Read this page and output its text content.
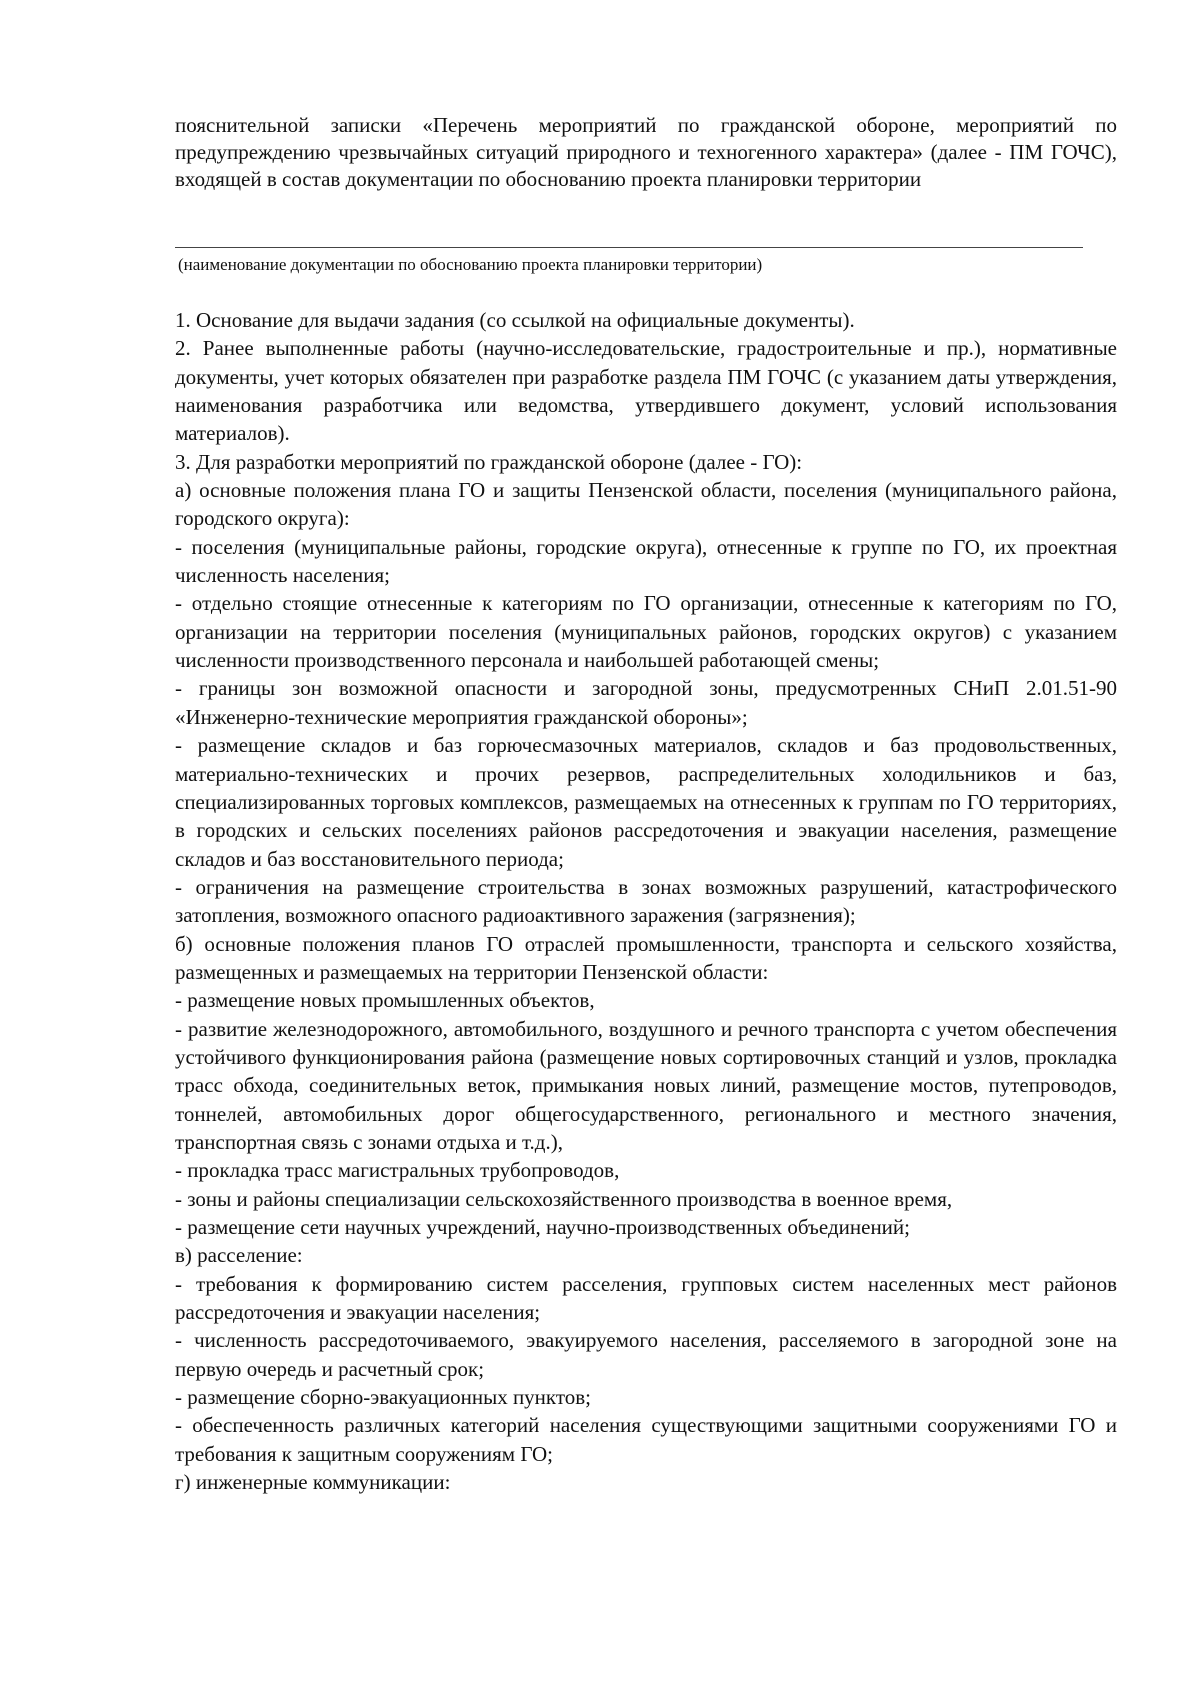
пояснительной записки «Перечень мероприятий по гражданской обороне, мероприятий по предупреждению чрезвычайных ситуаций природного и техногенного характера» (далее - ПМ ГОЧС), входящей в состав документации по обоснованию проекта планировки территории

(наименование документации по обоснованию проекта планировки территории)

1. Основание для выдачи задания (со ссылкой на официальные документы).

2. Ранее выполненные работы (научно-исследовательские, градостроительные и пр.), нормативные документы, учет которых обязателен при разработке раздела ПМ ГОЧС (с указанием даты утверждения, наименования разработчика или ведомства, утвердившего документ, условий использования материалов).

3. Для разработки мероприятий по гражданской обороне (далее - ГО):

а) основные положения плана ГО и защиты Пензенской области, поселения (муниципального района, городского округа):

- поселения (муниципальные районы, городские округа), отнесенные к группе по ГО, их проектная численность населения;

- отдельно стоящие отнесенные к категориям по ГО организации, отнесенные к категориям по ГО, организации на территории поселения (муниципальных районов, городских округов) с указанием численности производственного персонала и наибольшей работающей смены;

- границы зон возможной опасности и загородной зоны, предусмотренных СНиП 2.01.51-90 «Инженерно-технические мероприятия гражданской обороны»;

- размещение складов и баз горючесмазочных материалов, складов и баз продовольственных, материально-технических и прочих резервов, распределительных холодильников и баз, специализированных торговых комплексов, размещаемых на отнесенных к группам по ГО территориях, в городских и сельских поселениях районов рассредоточения и эвакуации населения, размещение складов и баз восстановительного периода;

- ограничения на размещение строительства в зонах возможных разрушений, катастрофического затопления, возможного опасного радиоактивного заражения (загрязнения);

б) основные положения планов ГО отраслей промышленности, транспорта и сельского хозяйства, размещенных и размещаемых на территории Пензенской области:

- размещение новых промышленных объектов,

- развитие железнодорожного, автомобильного, воздушного и речного транспорта с учетом обеспечения устойчивого функционирования района (размещение новых сортировочных станций и узлов, прокладка трасс обхода, соединительных веток, примыкания новых линий, размещение мостов, путепроводов, тоннелей, автомобильных дорог общегосударственного, регионального и местного значения, транспортная связь с зонами отдыха и т.д.),

- прокладка трасс магистральных трубопроводов,

- зоны и районы специализации сельскохозяйственного производства в военное время,

- размещение сети научных учреждений, научно-производственных объединений;

в) расселение:

- требования к формированию систем расселения, групповых систем населенных мест районов рассредоточения и эвакуации населения;

- численность рассредоточиваемого, эвакуируемого населения, расселяемого в загородной зоне на первую очередь и расчетный срок;

- размещение сборно-эвакуационных пунктов;

- обеспеченность различных категорий населения существующими защитными сооружениями ГО и требования к защитным сооружениям ГО;

г) инженерные коммуникации:
